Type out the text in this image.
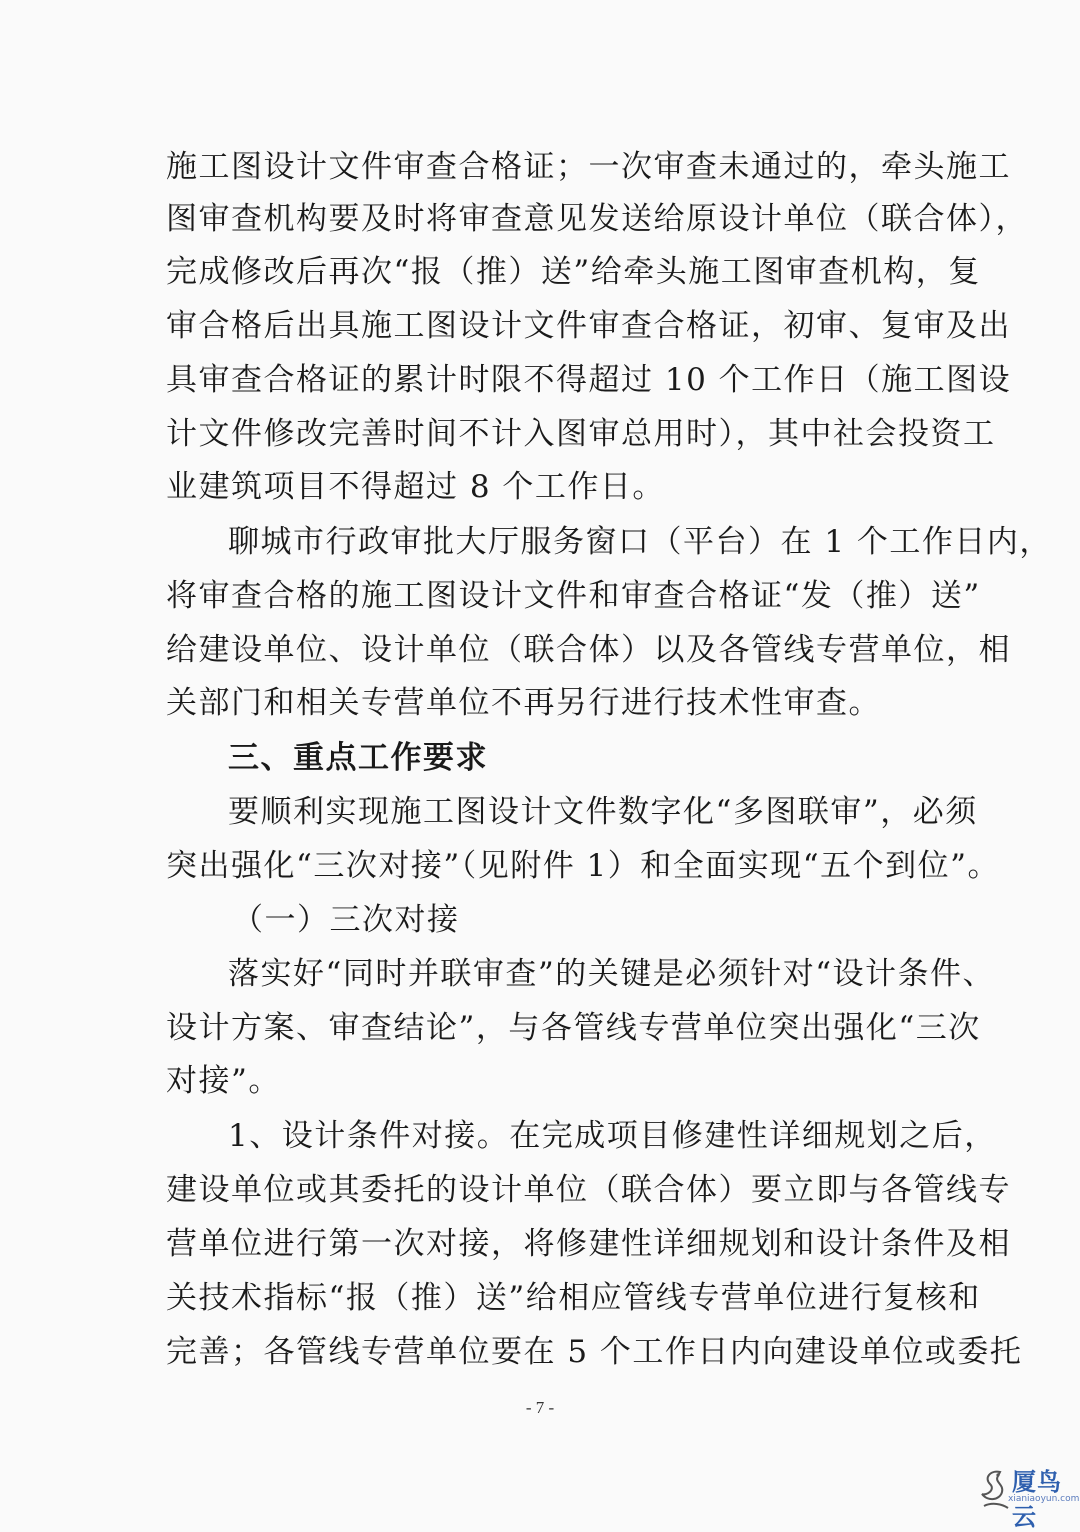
施工图设计文件审查合格证；一次审查未通过的，牵头施工
图审查机构要及时将审查意见发送给原设计单位（联合体），
完成修改后再次“报（推）送”给牵头施工图审查机构，复
审合格后出具施工图设计文件审查合格证，初审、复审及出
具审查合格证的累计时限不得超过 10 个工作日（施工图设
计文件修改完善时间不计入图审总用时），其中社会投资工
业建筑项目不得超过 8 个工作日。
聊城市行政审批大厅服务窗口（平台）在 1 个工作日内，
将审查合格的施工图设计文件和审查合格证“发（推）送”
给建设单位、设计单位（联合体）以及各管线专营单位，相
关部门和相关专营单位不再另行进行技术性审查。
三、重点工作要求
要顺利实现施工图设计文件数字化“多图联审”，必须
突出强化“三次对接”（见附件 1）和全面实现“五个到位”。
（一）三次对接
落实好“同时并联审查”的关键是必须针对“设计条件、
设计方案、审查结论”，与各管线专营单位突出强化“三次
对接”。
1、设计条件对接。在完成项目修建性详细规划之后，
建设单位或其委托的设计单位（联合体）要立即与各管线专
营单位进行第一次对接，将修建性详细规划和设计条件及相
关技术指标“报（推）送”给相应管线专营单位进行复核和
完善；各管线专营单位要在 5 个工作日内向建设单位或委托
- 7 -
厦鸟云
xianiaoyun.com
